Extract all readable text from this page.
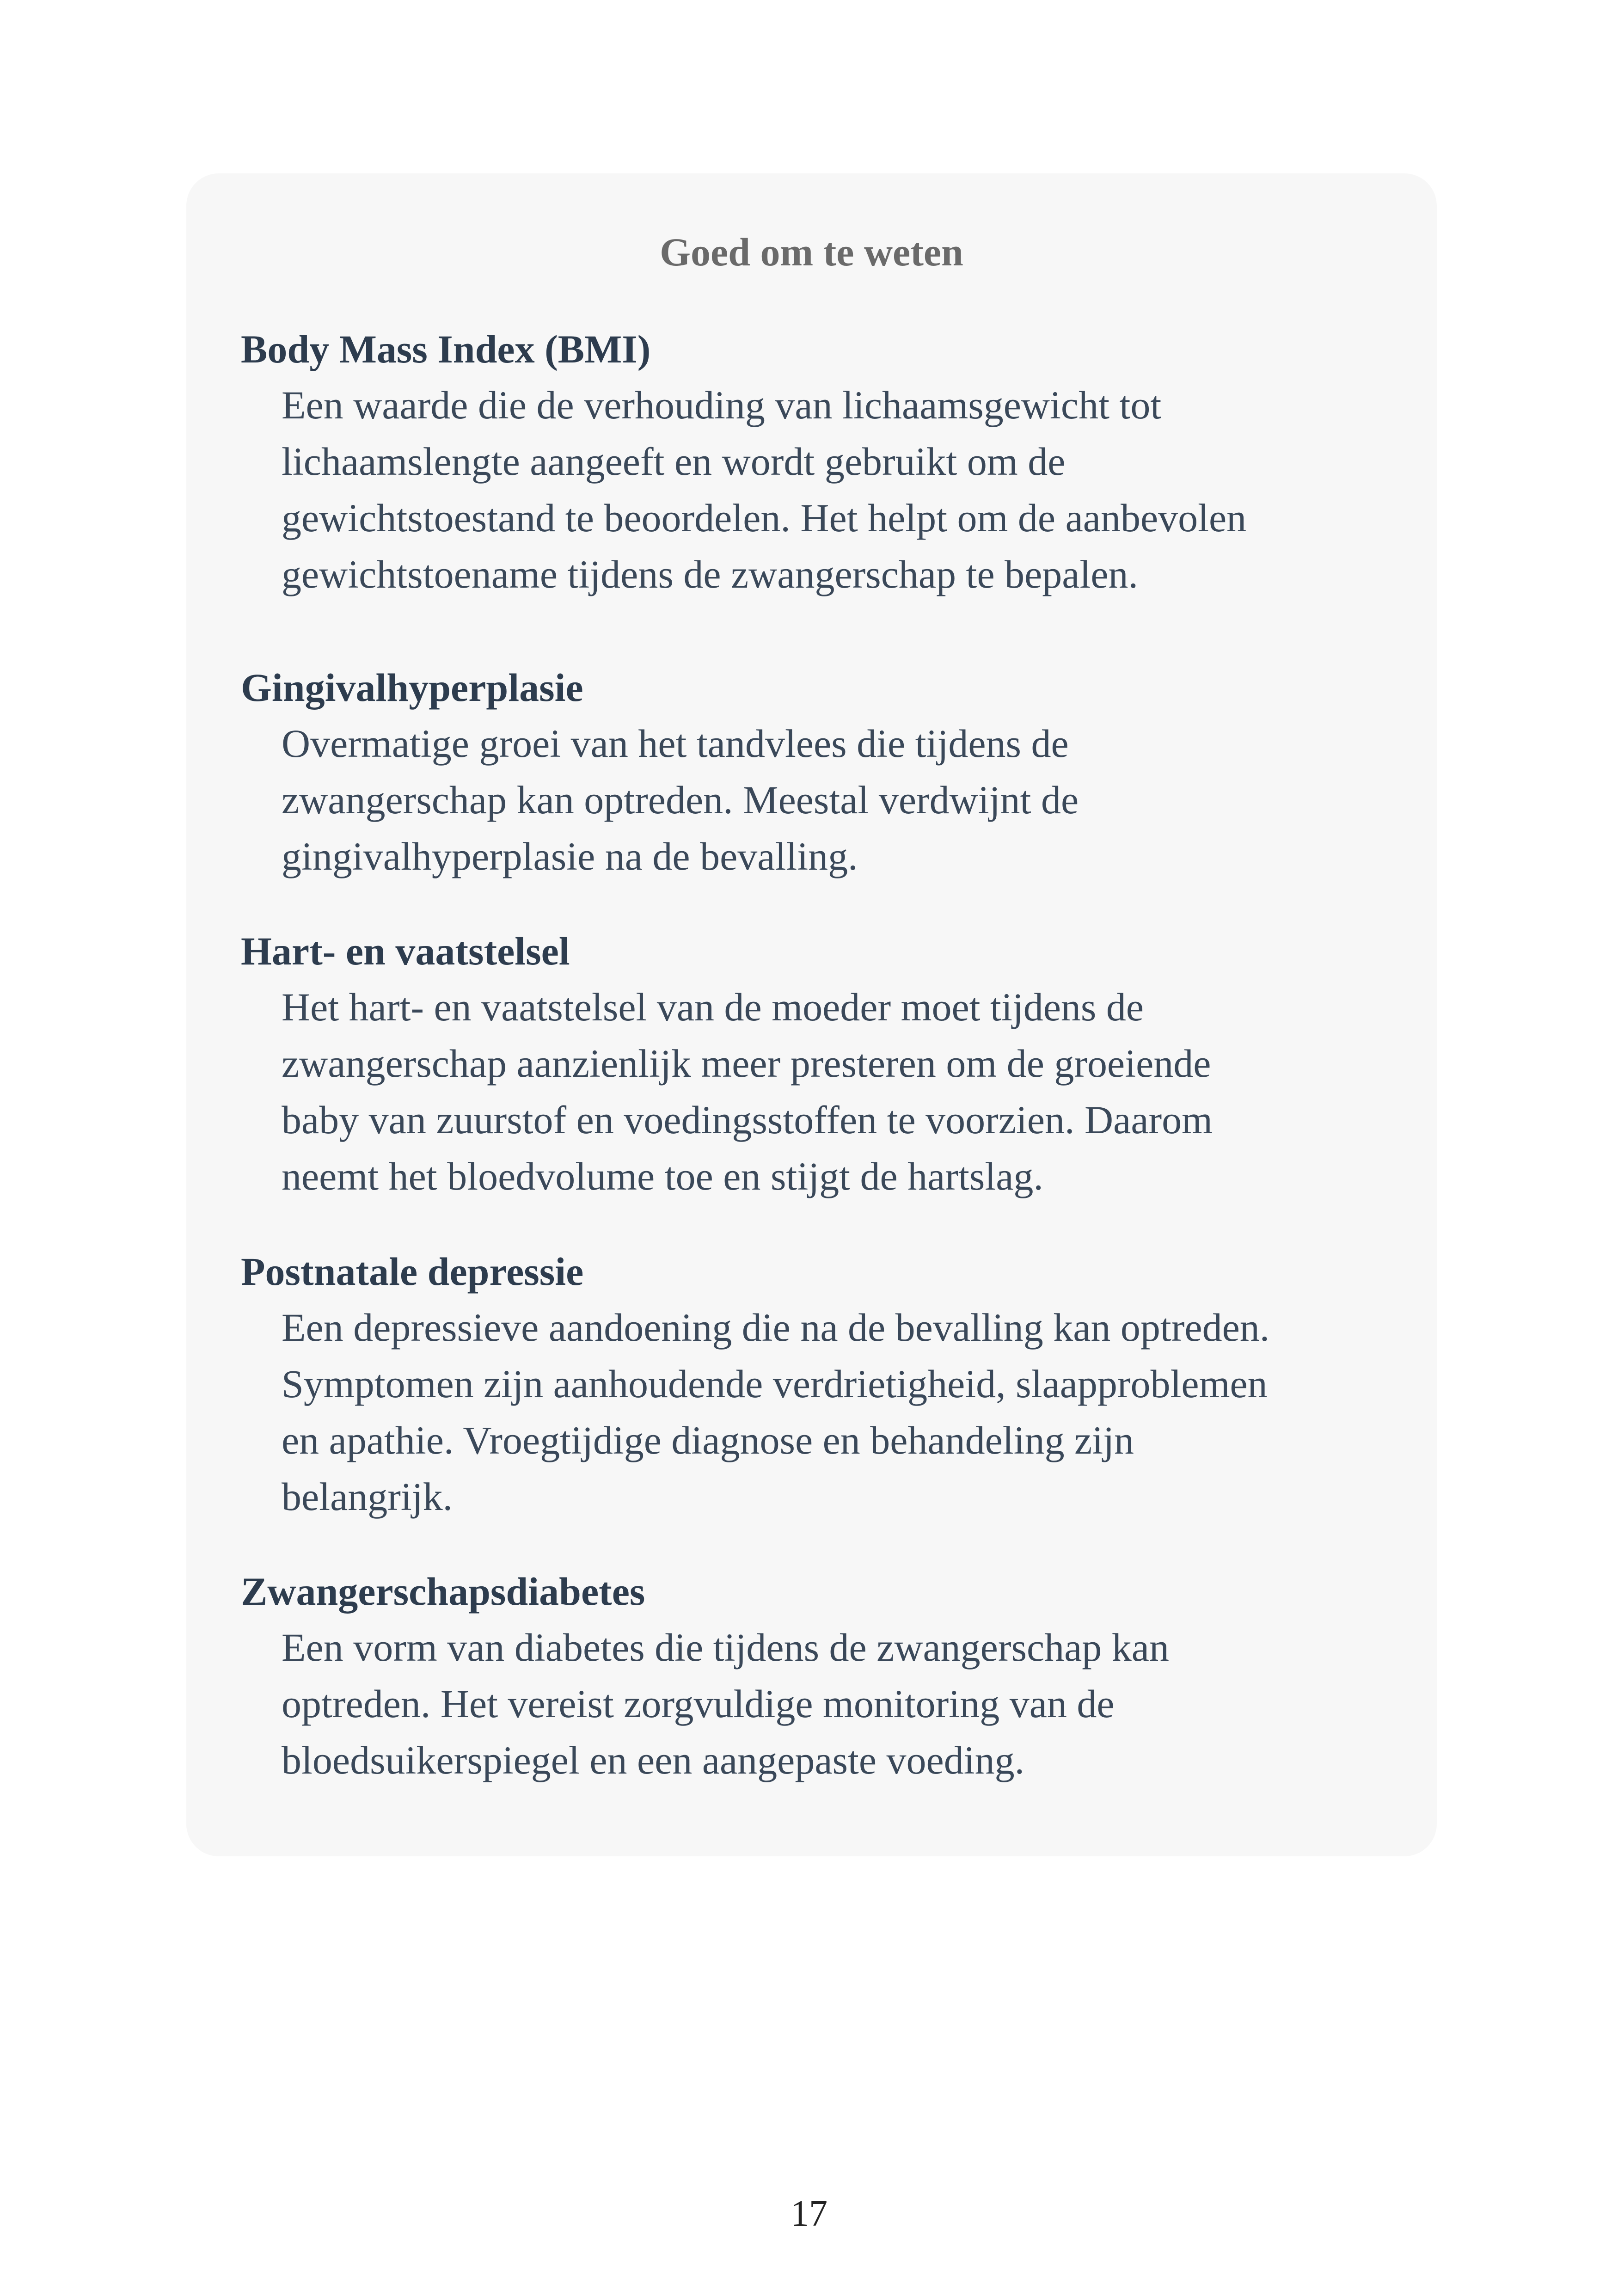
Goed om te weten
Body Mass Index (BMI)

Een waarde die de verhouding van lichaamsgewicht tot
lichaamslengte aangeeft en wordt gebruikt om de
gewichtstoestand te beoordelen. Het helpt om de aanbevolen
gewichtstoename tijdens de zwangerschap te bepalen.

Gingivalhyperplasie

Overmatige groei van het tandvlees die tijdens de
zwangerschap kan optreden. Meestal verdwijnt de
gingivalhyperplasie na de bevalling.

Hart- en vaatstelsel

Het hart- en vaatstelsel van de moeder moet tijdens de
zwangerschap aanzienlijk meer presteren om de groeiende
baby van zuurstof en voedingsstoffen te voorzien. Daarom
neemt het bloedvolume toe en stijgt de hartslag.

Postnatale depressie

Een depressieve aandoening die na de bevalling kan optreden.
Symptomen zijn aanhoudende verdrietigheid, slaapproblemen
en apathie. Vroegtijdige diagnose en behandeling zijn
belangrijk.

Zwangerschapsdiabetes

Een vorm van diabetes die tijdens de zwangerschap kan
optreden. Het vereist zorgvuldige monitoring van de
bloedsuikerspiegel en een aangepaste voeding.

17
